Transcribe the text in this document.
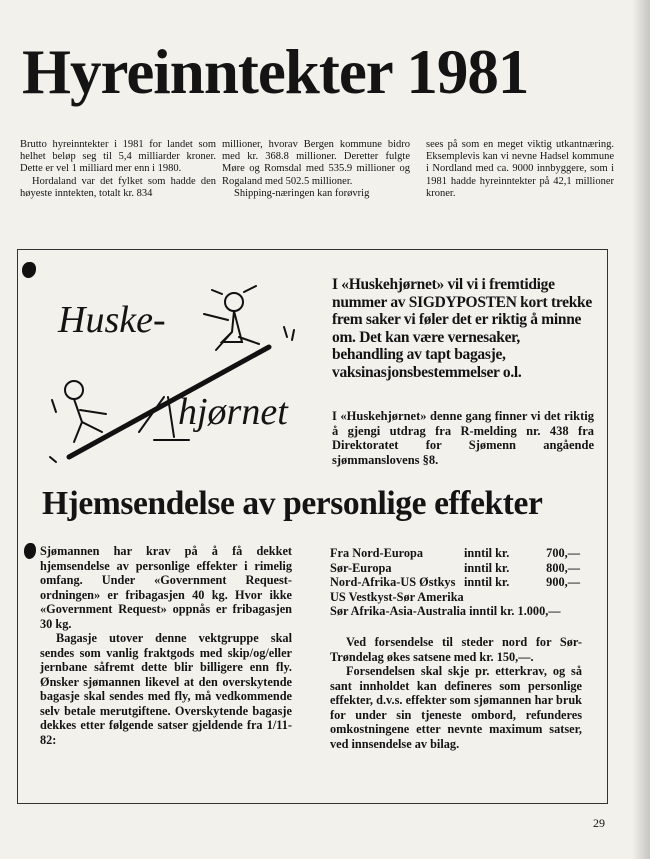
Hyreinntekter 1981

Brutto hyreinntekter i 1981 for landet som helhet beløp seg til 5,4 milliarder kroner. Dette er vel 1 milliard mer enn i 1980.

Hordaland var det fylket som hadde den høyeste inntekten, totalt kr. 834

millioner, hvorav Bergen kommune bidro med kr. 368.8 millioner. Deretter fulgte Møre og Romsdal med 535.9 millioner og Rogaland med 502.5 millioner.

Shipping-næringen kan forøvrig

sees på som en meget viktig utkantnæring. Eksemplevis kan vi nevne Hadsel kommune i Nordland med ca. 9000 innbyggere, som i 1981 hadde hyreinntekter på 42,1 millioner kroner.

Huske-
hjørnet
I «Huskehjørnet» vil vi i fremtidige nummer av SIGDYPOSTEN kort trekke frem saker vi føler det er riktig å minne om. Det kan være vernesaker, behandling av tapt bagasje, vaksinasjonsbestemmelser o.l.
I «Huskehjørnet» denne gang finner vi det riktig å gjengi utdrag fra R-melding nr. 438 fra Direktoratet for Sjømenn angående sjømmanslovens §8.
Hjemsendelse av personlige effekter

Sjømannen har krav på å få dekket hjemsendelse av personlige effekter i rimelig omfang. Under «Government Request-ordningen» er fribagasjen 40 kg. Hvor ikke «Government Request» oppnås er fribagasjen 30 kg.

Bagasje utover denne vektgruppe skal sendes som vanlig fraktgods med skip/og/eller jernbane såfremt dette blir billigere enn fly. Ønsker sjømannen likevel at den overskytende bagasje skal sendes med fly, må vedkommende selv betale merutgiftene. Overskytende bagasje dekkes etter følgende satser gjeldende fra 1/11-82:

Fra Nord-Europa	inntil kr.	700,—
Sør-Europa	inntil kr.	800,—
Nord-Afrika-US Østkys inntil kr.	900,—
US Vestkyst-Sør Amerika
Sør Afrika-Asia-Australia inntil kr. 1.000,—

Ved forsendelse til steder nord for Sør-Trøndelag økes satsene med kr. 150,—.

Forsendelsen skal skje pr. etterkrav, og så sant innholdet kan defineres som personlige effekter, d.v.s. effekter som sjømannen har bruk for under sin tjeneste ombord, refunderes omkostningene etter nevnte maximum satser, ved innsendelse av bilag.

29
